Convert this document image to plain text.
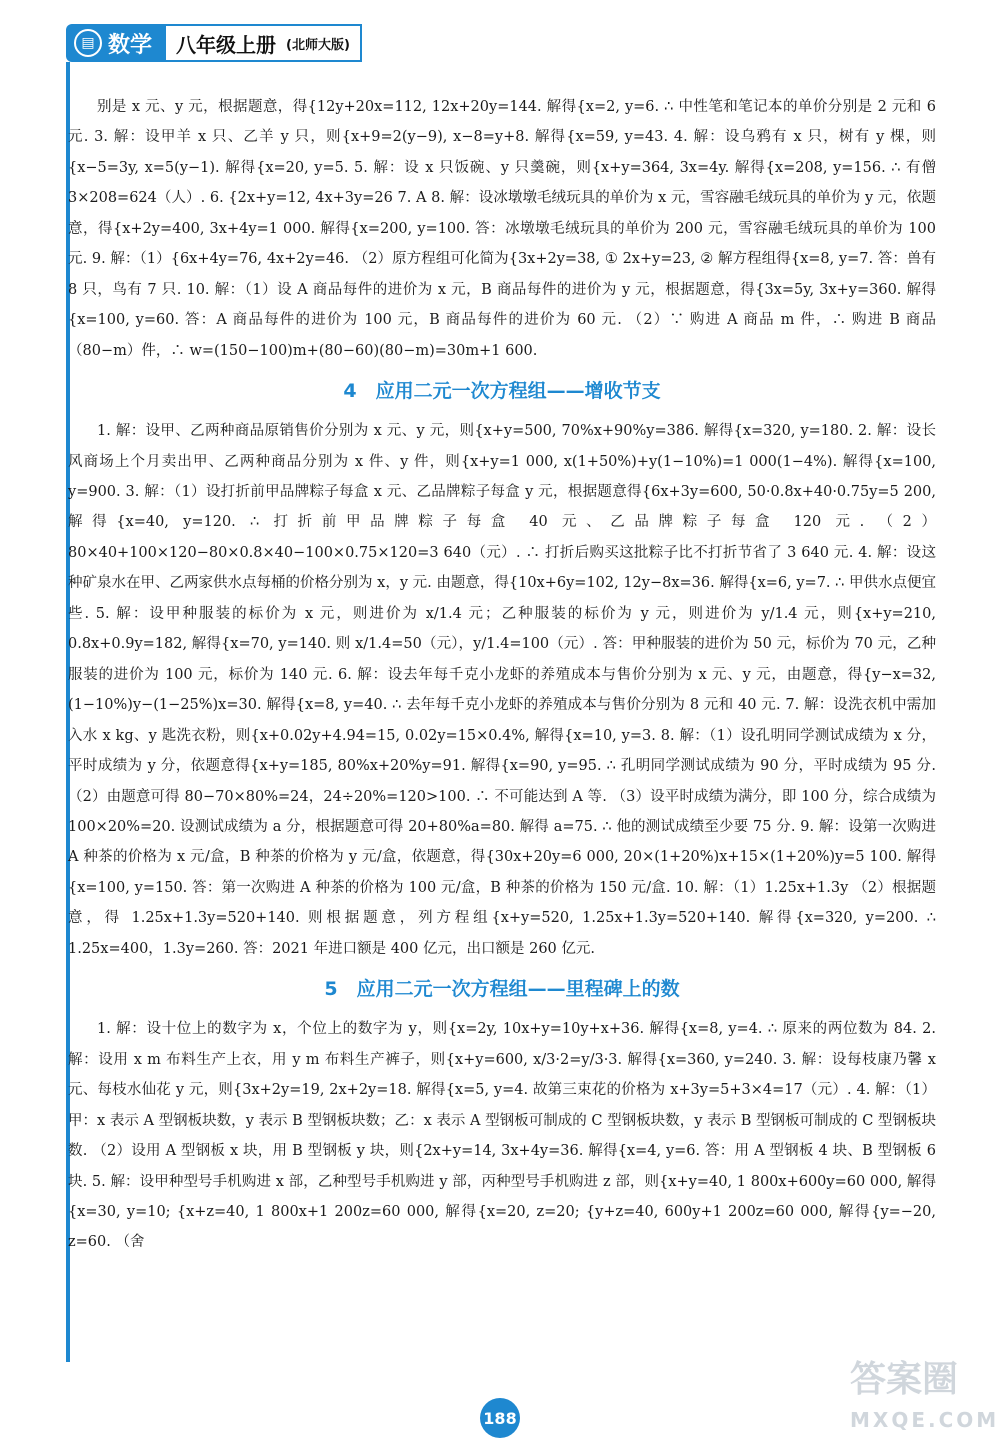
▤ 数学 八年级上册 (北师大版)

别是 x 元、y 元，根据题意，得{12y+20x=112, 12x+20y=144. 解得{x=2, y=6. ∴ 中性笔和笔记本的单价分别是 2 元和 6 元. 3. 解：设甲羊 x 只、乙羊 y 只，则{x+9=2(y−9), x−8=y+8. 解得{x=59, y=43. 4. 解：设乌鸦有 x 只，树有 y 棵，则{x−5=3y, x=5(y−1). 解得{x=20, y=5. 5. 解：设 x 只饭碗、y 只羹碗，则{x+y=364, 3x=4y. 解得{x=208, y=156. ∴ 有僧 3×208=624（人）. 6. {2x+y=12, 4x+3y=26 7. A 8. 解：设冰墩墩毛绒玩具的单价为 x 元，雪容融毛绒玩具的单价为 y 元，依题意，得{x+2y=400, 3x+4y=1 000. 解得{x=200, y=100. 答：冰墩墩毛绒玩具的单价为 200 元，雪容融毛绒玩具的单价为 100 元. 9. 解：（1）{6x+4y=76, 4x+2y=46. （2）原方程组可化简为{3x+2y=38, ① 2x+y=23, ② 解方程组得{x=8, y=7. 答：兽有 8 只，鸟有 7 只. 10. 解：（1）设 A 商品每件的进价为 x 元，B 商品每件的进价为 y 元，根据题意，得{3x=5y, 3x+y=360. 解得{x=100, y=60. 答：A 商品每件的进价为 100 元，B 商品每件的进价为 60 元. （2）∵ 购进 A 商品 m 件，∴ 购进 B 商品（80−m）件，∴ w=(150−100)m+(80−60)(80−m)=30m+1 600.

4　应用二元一次方程组——增收节支

1. 解：设甲、乙两种商品原销售价分别为 x 元、y 元，则{x+y=500, 70%x+90%y=386. 解得{x=320, y=180. 2. 解：设长风商场上个月卖出甲、乙两种商品分别为 x 件、y 件，则{x+y=1 000, x(1+50%)+y(1−10%)=1 000(1−4%). 解得{x=100, y=900. 3. 解：（1）设打折前甲品牌粽子每盒 x 元、乙品牌粽子每盒 y 元，根据题意得{6x+3y=600, 50·0.8x+40·0.75y=5 200, 解得{x=40, y=120. ∴ 打折前甲品牌粽子每盒 40 元、乙品牌粽子每盒 120 元. （2）80×40+100×120−80×0.8×40−100×0.75×120=3 640（元）. ∴ 打折后购买这批粽子比不打折节省了 3 640 元. 4. 解：设这种矿泉水在甲、乙两家供水点每桶的价格分别为 x，y 元. 由题意，得{10x+6y=102, 12y−8x=36. 解得{x=6, y=7. ∴ 甲供水点便宜些. 5. 解：设甲种服装的标价为 x 元，则进价为 x/1.4 元；乙种服装的标价为 y 元，则进价为 y/1.4 元，则{x+y=210, 0.8x+0.9y=182, 解得{x=70, y=140. 则 x/1.4=50（元），y/1.4=100（元）. 答：甲种服装的进价为 50 元，标价为 70 元，乙种服装的进价为 100 元，标价为 140 元. 6. 解：设去年每千克小龙虾的养殖成本与售价分别为 x 元、y 元，由题意，得{y−x=32, (1−10%)y−(1−25%)x=30. 解得{x=8, y=40. ∴ 去年每千克小龙虾的养殖成本与售价分别为 8 元和 40 元. 7. 解：设洗衣机中需加入水 x kg、y 匙洗衣粉，则{x+0.02y+4.94=15, 0.02y=15×0.4%, 解得{x=10, y=3. 8. 解：（1）设孔明同学测试成绩为 x 分，平时成绩为 y 分，依题意得{x+y=185, 80%x+20%y=91. 解得{x=90, y=95. ∴ 孔明同学测试成绩为 90 分，平时成绩为 95 分. （2）由题意可得 80−70×80%=24，24÷20%=120>100. ∴ 不可能达到 A 等. （3）设平时成绩为满分，即 100 分，综合成绩为 100×20%=20. 设测试成绩为 a 分，根据题意可得 20+80%a=80. 解得 a=75. ∴ 他的测试成绩至少要 75 分. 9. 解：设第一次购进 A 种茶的价格为 x 元/盒，B 种茶的价格为 y 元/盒，依题意，得{30x+20y=6 000, 20×(1+20%)x+15×(1+20%)y=5 100. 解得{x=100, y=150. 答：第一次购进 A 种茶的价格为 100 元/盒，B 种茶的价格为 150 元/盒. 10. 解：（1）1.25x+1.3y （2）根据题意，得 1.25x+1.3y=520+140. 则根据题意，列方程组{x+y=520, 1.25x+1.3y=520+140. 解得{x=320, y=200. ∴ 1.25x=400，1.3y=260. 答：2021 年进口额是 400 亿元，出口额是 260 亿元.

5　应用二元一次方程组——里程碑上的数

1. 解：设十位上的数字为 x，个位上的数字为 y，则{x=2y, 10x+y=10y+x+36. 解得{x=8, y=4. ∴ 原来的两位数为 84. 2. 解：设用 x m 布料生产上衣，用 y m 布料生产裤子，则{x+y=600, x/3·2=y/3·3. 解得{x=360, y=240. 3. 解：设每枝康乃馨 x 元、每枝水仙花 y 元，则{3x+2y=19, 2x+2y=18. 解得{x=5, y=4. 故第三束花的价格为 x+3y=5+3×4=17（元）. 4. 解：（1）甲：x 表示 A 型钢板块数，y 表示 B 型钢板块数；乙：x 表示 A 型钢板可制成的 C 型钢板块数，y 表示 B 型钢板可制成的 C 型钢板块数. （2）设用 A 型钢板 x 块，用 B 型钢板 y 块，则{2x+y=14, 3x+4y=36. 解得{x=4, y=6. 答：用 A 型钢板 4 块、B 型钢板 6 块. 5. 解：设甲种型号手机购进 x 部，乙种型号手机购进 y 部，丙种型号手机购进 z 部，则{x+y=40, 1 800x+600y=60 000, 解得{x=30, y=10; {x+z=40, 1 800x+1 200z=60 000, 解得{x=20, z=20; {y+z=40, 600y+1 200z=60 000, 解得{y=−20, z=60. （舍

188
答案圈
MXQE.COM
